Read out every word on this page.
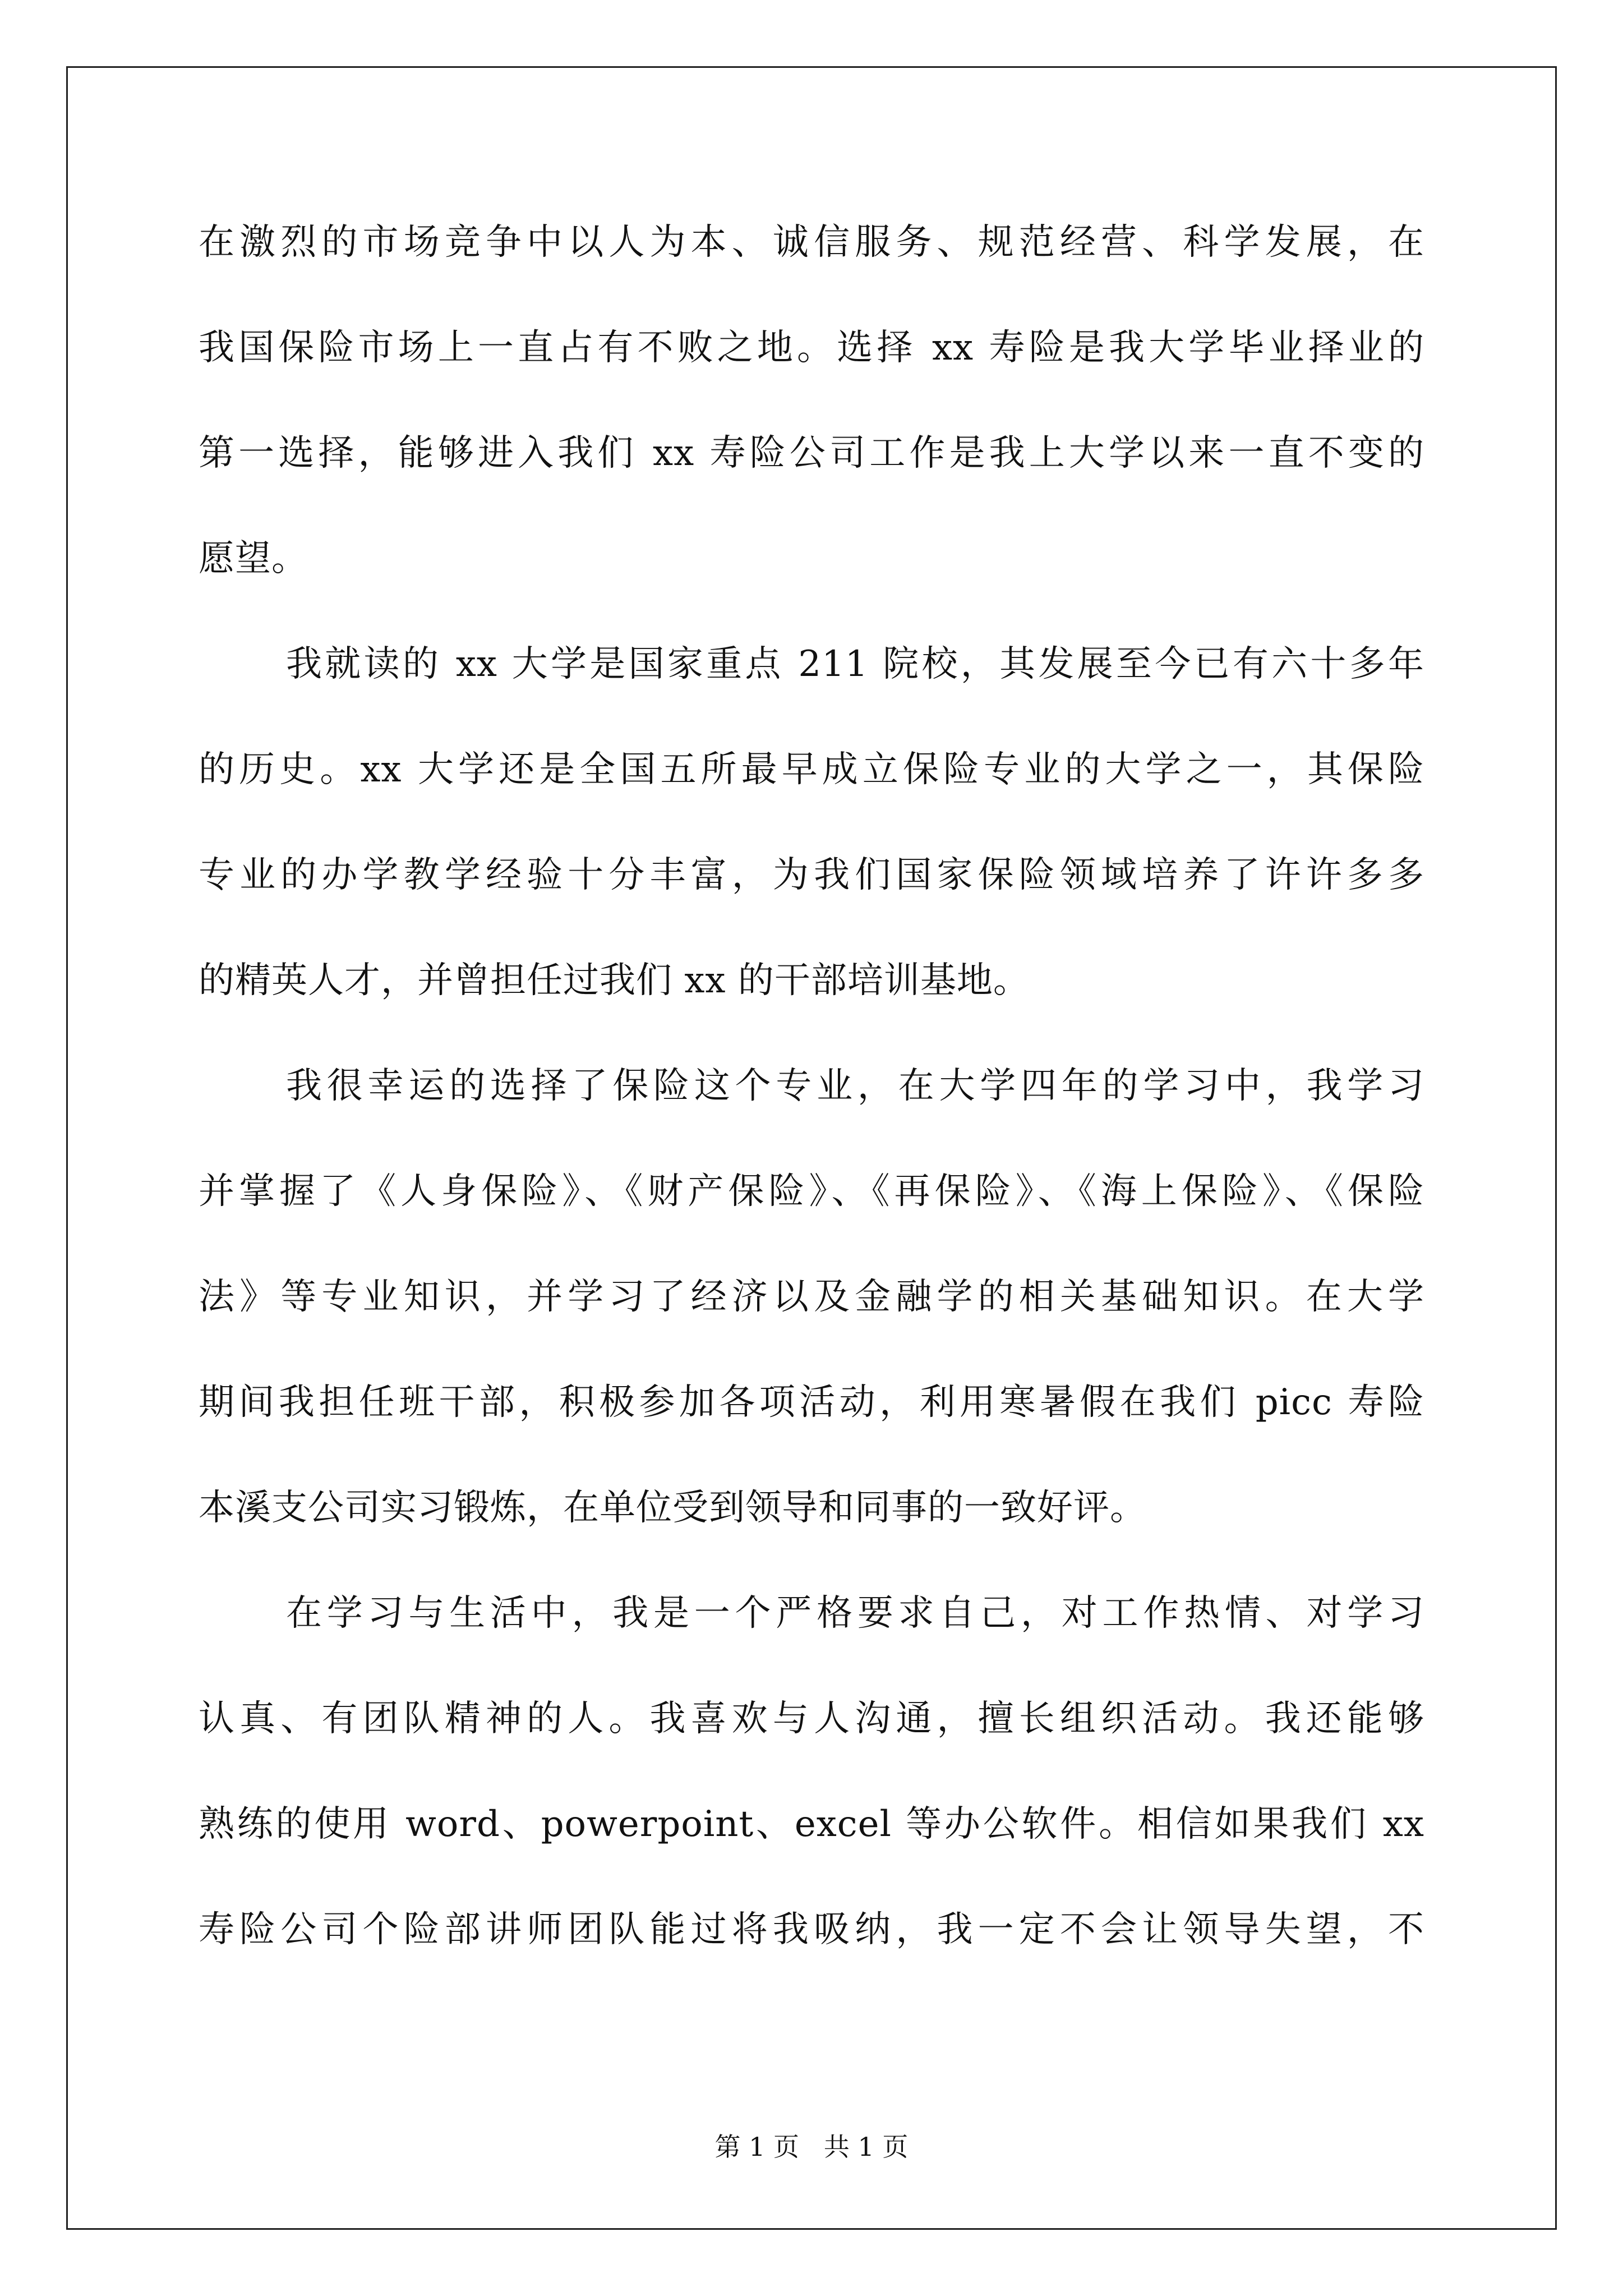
在激烈的市场竞争中以人为本、诚信服务、规范经营、科学发展，在
我国保险市场上一直占有不败之地。选择 xx 寿险是我大学毕业择业的
第一选择，能够进入我们 xx 寿险公司工作是我上大学以来一直不变的
愿望。
我就读的 xx 大学是国家重点 211 院校，其发展至今已有六十多年
的历史。xx 大学还是全国五所最早成立保险专业的大学之一，其保险
专业的办学教学经验十分丰富，为我们国家保险领域培养了许许多多
的精英人才，并曾担任过我们 xx 的干部培训基地。
我很幸运的选择了保险这个专业，在大学四年的学习中，我学习
并掌握了《人身保险》、《财产保险》、《再保险》、《海上保险》、《保险
法》等专业知识，并学习了经济以及金融学的相关基础知识。在大学
期间我担任班干部，积极参加各项活动，利用寒暑假在我们 picc 寿险
本溪支公司实习锻炼，在单位受到领导和同事的一致好评。
在学习与生活中，我是一个严格要求自己，对工作热情、对学习
认真、有团队精神的人。我喜欢与人沟通，擅长组织活动。我还能够
熟练的使用 word、powerpoint、excel 等办公软件。相信如果我们 xx
寿险公司个险部讲师团队能过将我吸纳，我一定不会让领导失望，不
第 1 页   共 1 页
